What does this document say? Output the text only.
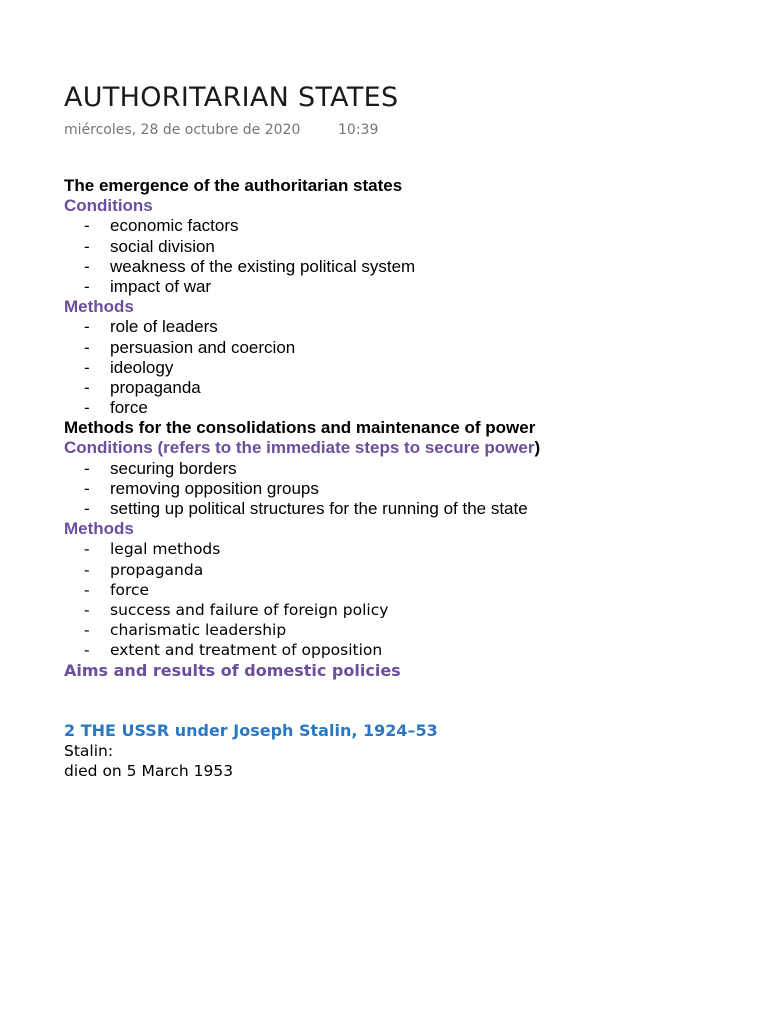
AUTHORITARIAN STATES
miércoles, 28 de octubre de 2020	10:39
The emergence of the authoritarian states
Conditions
- economic factors
- social division
- weakness of the existing political system
- impact of war
Methods
- role of leaders
- persuasion and coercion
- ideology
- propaganda
- force
Methods for the consolidations and maintenance of power
Conditions (refers to the immediate steps to secure power)
- securing borders
- removing opposition groups
- setting up political structures for the running of the state
Methods
- legal methods
- propaganda
- force
- success and failure of foreign policy
- charismatic leadership
- extent and treatment of opposition
Aims and results of domestic policies
2 THE USSR under Joseph Stalin, 1924–53
Stalin:
died on 5 March 1953
